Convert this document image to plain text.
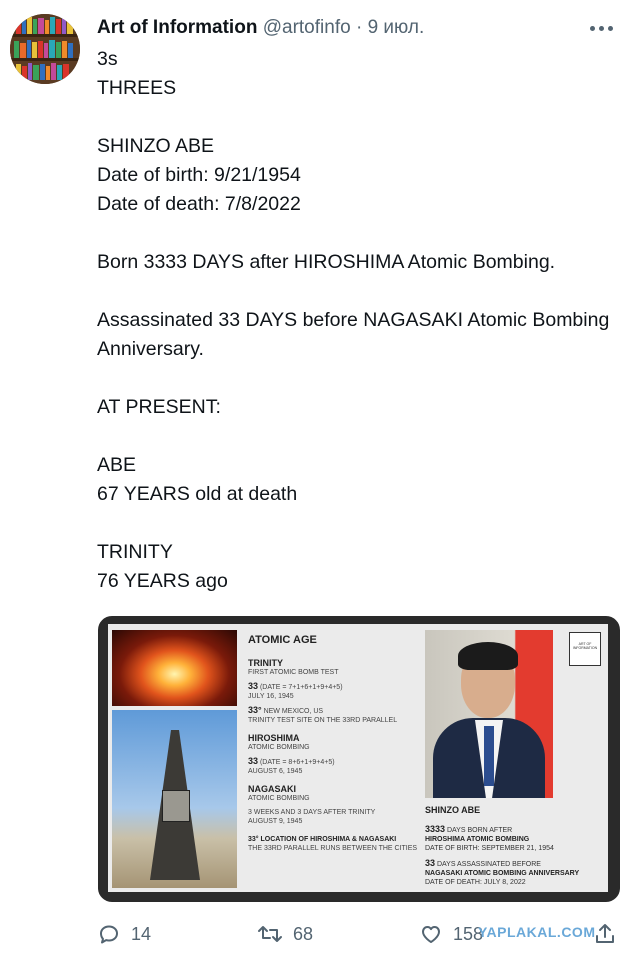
Art of Information @artofinfo · 9 июл.
3s
THREES

SHINZO ABE
Date of birth: 9/21/1954
Date of death: 7/8/2022

Born 3333 DAYS after HIROSHIMA Atomic Bombing.

Assassinated 33 DAYS before NAGASAKI Atomic Bombing Anniversary.

AT PRESENT:

ABE
67 YEARS old at death

TRINITY
76 YEARS ago
ATOMIC AGE
TRINITY
FIRST ATOMIC BOMB TEST
33 (DATE = 7+1+6+1+9+4+5)
JULY 16, 1945
33° NEW MEXICO, US
TRINITY TEST SITE ON THE 33RD PARALLEL
HIROSHIMA
ATOMIC BOMBING
33 (DATE = 8+6+1+9+4+5)
AUGUST 6, 1945
NAGASAKI
ATOMIC BOMBING
3 WEEKS AND 3 DAYS AFTER TRINITY
AUGUST 9, 1945
33° LOCATION OF HIROSHIMA & NAGASAKI
THE 33RD PARALLEL RUNS BETWEEN THE CITIES
ART OF INFORMATION
SHINZO ABE
3333 DAYS BORN AFTER
HIROSHIMA ATOMIC BOMBING
DATE OF BIRTH: SEPTEMBER 21, 1954
33 DAYS ASSASSINATED BEFORE
NAGASAKI ATOMIC BOMBING ANNIVERSARY
DATE OF DEATH: JULY 8, 2022
14	68	158
YAPLAKAL.COM
